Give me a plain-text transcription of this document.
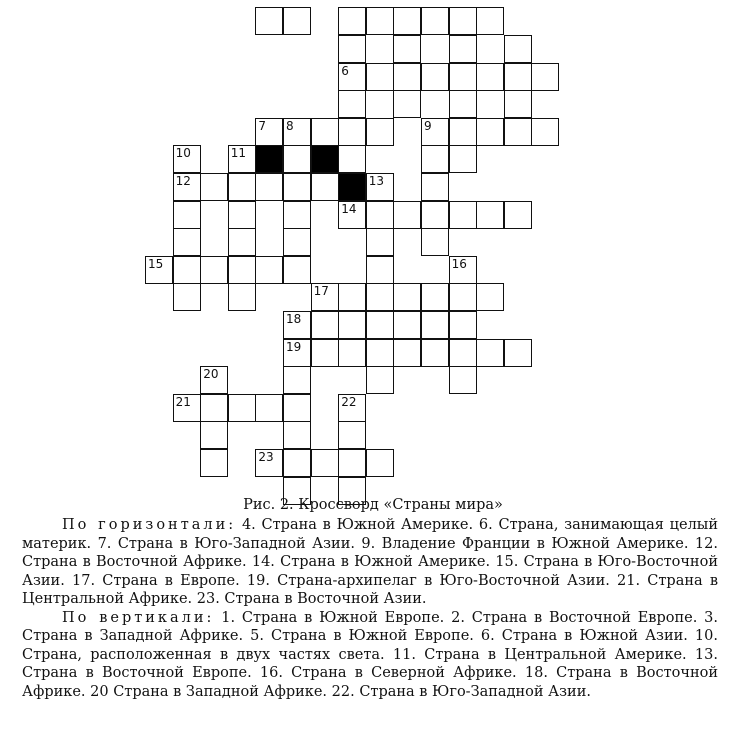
6
7 8	9
10	11
12	13
14
15	16
17
18
19
20
21	22
23
Рис. 2. Кроссворд «Страны мира»

По горизонтали: 4. Страна в Южной Америке. 6. Страна, занимающая целый материк. 7. Страна в Юго-Западной Азии. 9. Владение Франции в Южной Америке. 12. Страна в Восточной Африке. 14. Страна в Южной Америке. 15. Страна в Юго-Восточной Азии. 17. Страна в Европе. 19. Страна-архипелаг в Юго-Восточной Азии. 21. Страна в Центральной Африке. 23. Страна в Восточной Азии.

По вертикали: 1. Страна в Южной Европе. 2. Страна в Восточной Европе. 3. Страна в Западной Африке. 5. Страна в Южной Европе. 6. Страна в Южной Азии. 10. Страна, расположенная в двух частях света. 11. Страна в Центральной Америке. 13. Страна в Восточной Европе. 16. Страна в Северной Африке. 18. Страна в Восточной Африке. 20 Страна в Западной Африке. 22. Страна в Юго-Западной Азии.
